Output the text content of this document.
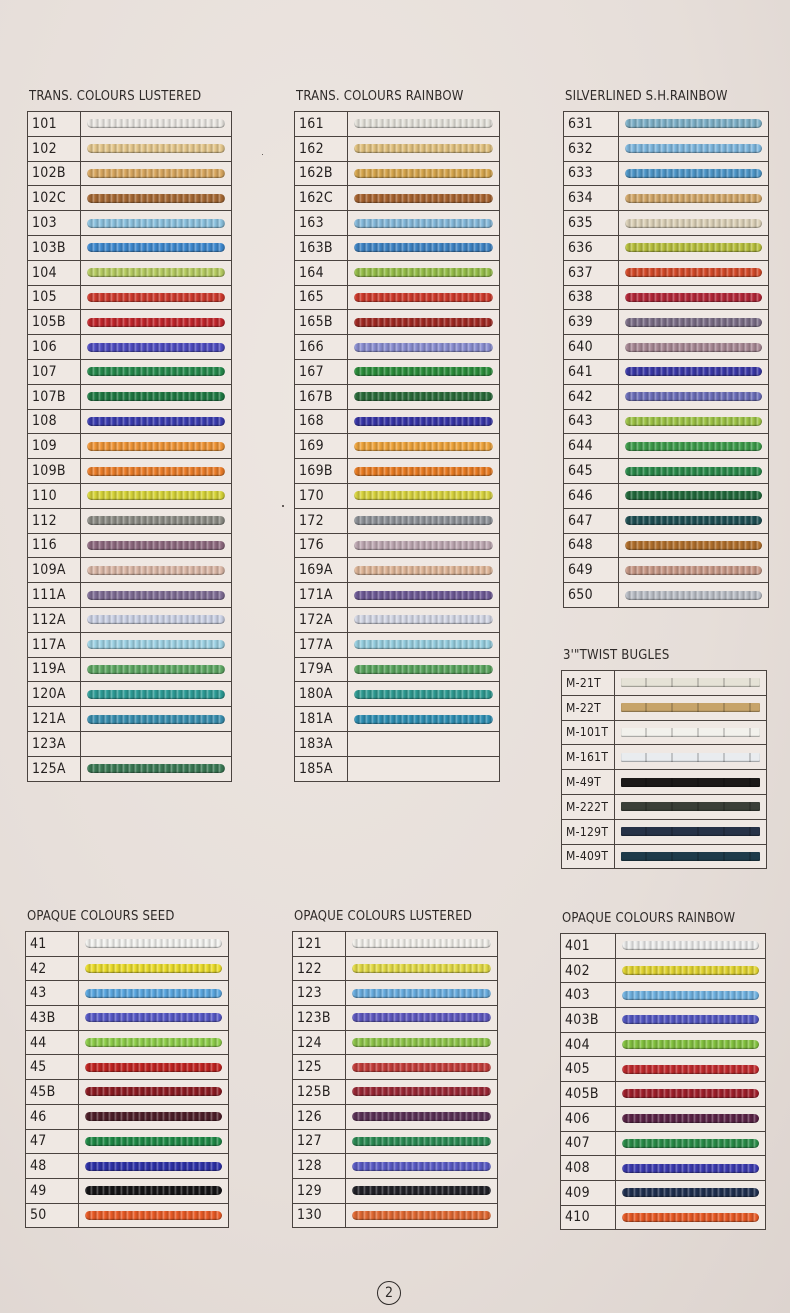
TRANS. COLOURS LUSTERED
101	

102	

102B	

102C	

103	

103B	

104	

105	

105B	

106	

107	

107B	

108	

109	

109B	

110	

112	

116	

109A	

111A	

112A	

117A	

119A	

120A	

121A	

123A	
125A	
TRANS. COLOURS RAINBOW
161	

162	

162B	

162C	

163	

163B	

164	

165	

165B	

166	

167	

167B	

168	

169	

169B	

170	

172	

176	

169A	

171A	

172A	

177A	

179A	

180A	

181A	

183A	
185A	
SILVERLINED S.H.RAINBOW
631	

632	

633	

634	

635	

636	

637	

638	

639	

640	

641	

642	

643	

644	

645	

646	

647	

648	

649	

650	
3'"TWIST BUGLES
M-21T	

M-22T	

M-101T	

M-161T	

M-49T	

M-222T	

M-129T	

M-409T	
OPAQUE COLOURS SEED
41	

42	

43	

43B	

44	

45	

45B	

46	

47	

48	

49	

50	
OPAQUE COLOURS LUSTERED
121	

122	

123	

123B	

124	

125	

125B	

126	

127	

128	

129	

130	
OPAQUE COLOURS RAINBOW
401	

402	

403	

403B	

404	

405	

405B	

406	

407	

408	

409	

410	
2
